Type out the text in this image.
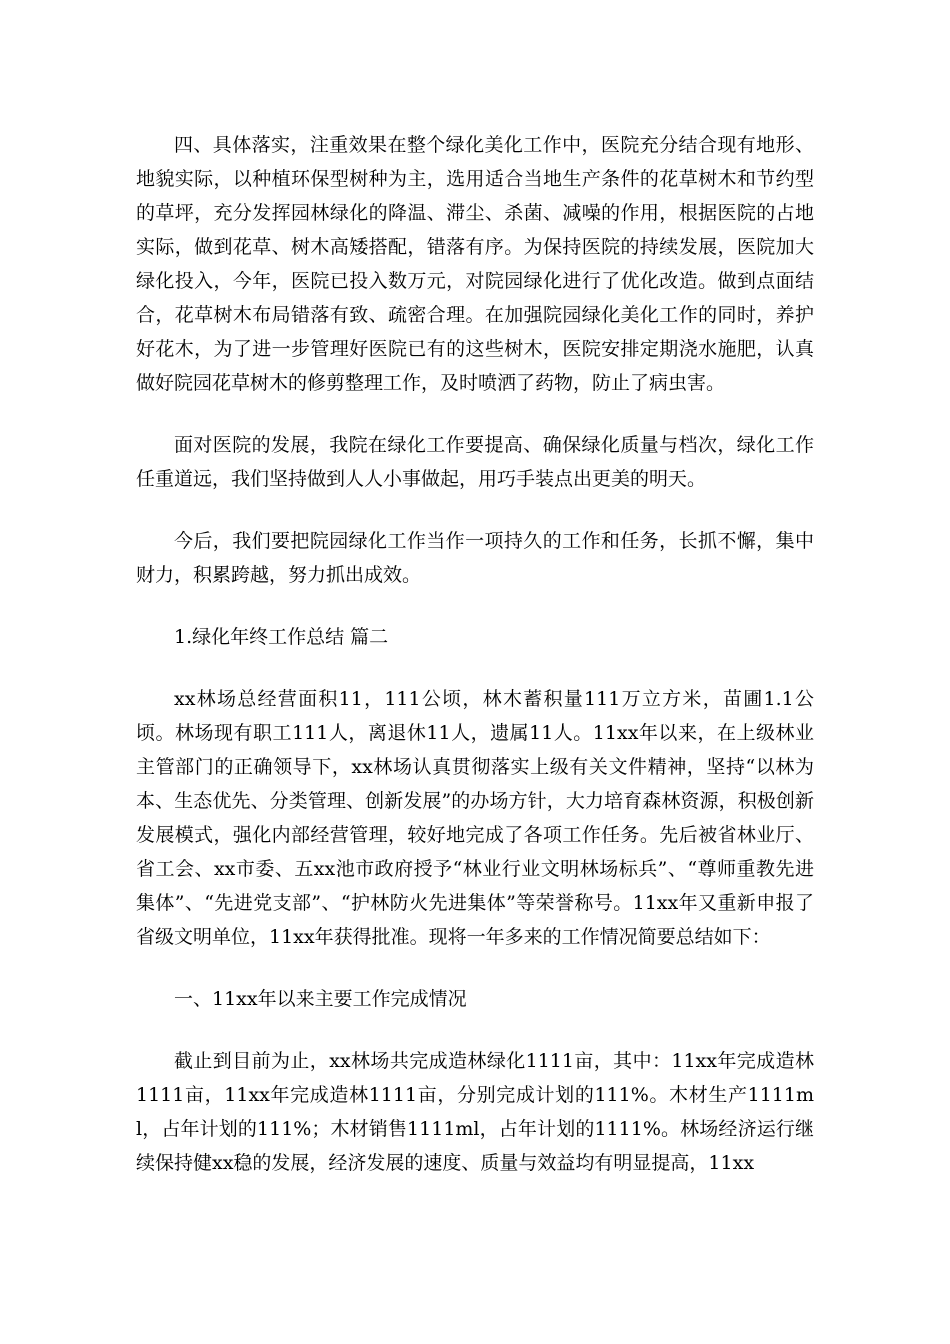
四、具体落实，注重效果在整个绿化美化工作中，医院充分结合现有地形、地貌实际，以种植环保型树种为主，选用适合当地生产条件的花草树木和节约型的草坪，充分发挥园林绿化的降温、滞尘、杀菌、减噪的作用，根据医院的占地实际，做到花草、树木高矮搭配，错落有序。为保持医院的持续发展，医院加大绿化投入，今年，医院已投入数万元，对院园绿化进行了优化改造。做到点面结合，花草树木布局错落有致、疏密合理。在加强院园绿化美化工作的同时，养护好花木，为了进一步管理好医院已有的这些树木，医院安排定期浇水施肥，认真做好院园花草树木的修剪整理工作，及时喷洒了药物，防止了病虫害。

面对医院的发展，我院在绿化工作要提高、确保绿化质量与档次，绿化工作任重道远，我们坚持做到人人小事做起，用巧手装点出更美的明天。

今后，我们要把院园绿化工作当作一项持久的工作和任务，长抓不懈，集中财力，积累跨越，努力抓出成效。

1.绿化年终工作总结 篇二

xx林场总经营面积11，111公顷，林木蓄积量111万立方米，苗圃1.1公顷。林场现有职工111人，离退休11人，遗属11人。11xx年以来，在上级林业主管部门的正确领导下，xx林场认真贯彻落实上级有关文件精神，坚持“以林为本、生态优先、分类管理、创新发展”的办场方针，大力培育森林资源，积极创新发展模式，强化内部经营管理，较好地完成了各项工作任务。先后被省林业厅、省工会、xx市委、五xx池市政府授予“林业行业文明林场标兵”、“尊师重教先进集体”、“先进党支部”、“护林防火先进集体”等荣誉称号。11xx年又重新申报了省级文明单位，11xx年获得批准。现将一年多来的工作情况简要总结如下：

一、11xx年以来主要工作完成情况

截止到目前为止，xx林场共完成造林绿化1111亩，其中：11xx年完成造林1111亩，11xx年完成造林1111亩，分别完成计划的111%。木材生产1111ml，占年计划的111%；木材销售1111ml，占年计划的1111%。林场经济运行继续保持健xx稳的发展，经济发展的速度、质量与效益均有明显提高，11xx
